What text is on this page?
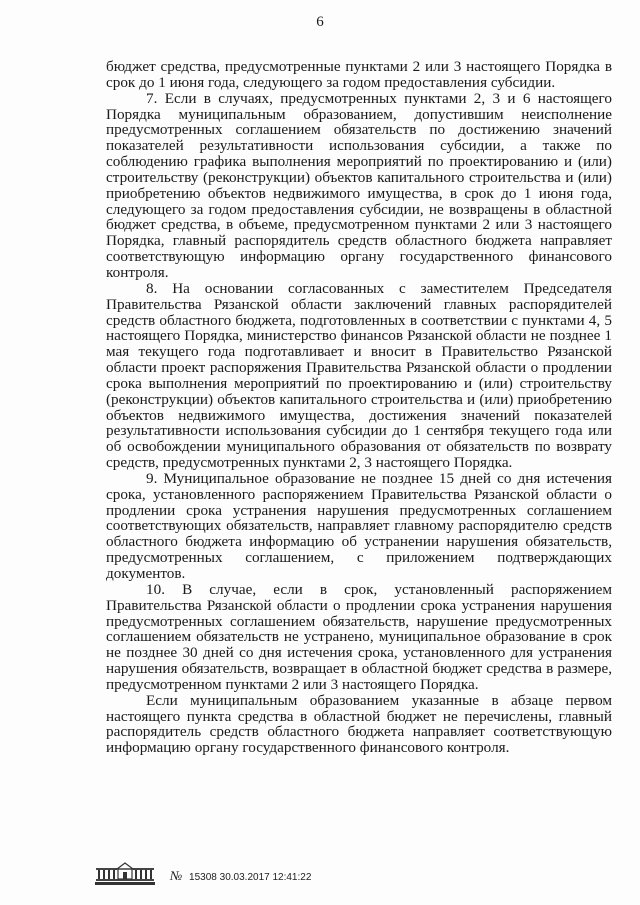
6

бюджет средства, предусмотренные пунктами 2 или 3 настоящего Порядка в срок до 1 июня года, следующего за годом предоставления субсидии.

7. Если в случаях, предусмотренных пунктами 2, 3 и 6 настоящего Порядка муниципальным образованием, допустившим неисполнение предусмотренных соглашением обязательств по достижению значений показателей результативности использования субсидии, а также по соблюдению графика выполнения мероприятий по проектированию и (или) строительству (реконструкции) объектов капитального строительства и (или) приобретению объектов недвижимого имущества, в срок до 1 июня года, следующего за годом предоставления субсидии, не возвращены в областной бюджет средства, в объеме, предусмотренном пунктами 2 или 3 настоящего Порядка, главный распорядитель средств областного бюджета направляет соответствующую информацию органу государственного финансового контроля.

8. На основании согласованных с заместителем Председателя Правительства Рязанской области заключений главных распорядителей средств областного бюджета, подготовленных в соответствии с пунктами 4, 5 настоящего Порядка, министерство финансов Рязанской области не позднее 1 мая текущего года подготавливает и вносит в Правительство Рязанской области проект распоряжения Правительства Рязанской области о продлении срока выполнения мероприятий по проектированию и (или) строительству (реконструкции) объектов капитального строительства и (или) приобретению объектов недвижимого имущества, достижения значений показателей результативности использования субсидии до 1 сентября текущего года или об освобождении муниципального образования от обязательств по возврату средств, предусмотренных пунктами 2, 3 настоящего Порядка.

9. Муниципальное образование не позднее 15 дней со дня истечения срока, установленного распоряжением Правительства Рязанской области о продлении срока устранения нарушения предусмотренных соглашением соответствующих обязательств, направляет главному распорядителю средств областного бюджета информацию об устранении нарушения обязательств, предусмотренных соглашением, с приложением подтверждающих документов.

10. В случае, если в срок, установленный распоряжением Правительства Рязанской области о продлении срока устранения нарушения предусмотренных соглашением обязательств, нарушение предусмотренных соглашением обязательств не устранено, муниципальное образование в срок не позднее 30 дней со дня истечения срока, установленного для устранения нарушения обязательств, возвращает в областной бюджет средства в размере, предусмотренном пунктами 2 или 3 настоящего Порядка.

Если муниципальным образованием указанные в абзаце первом настоящего пункта средства в областной бюджет не перечислены, главный распорядитель средств областного бюджета направляет соответствующую информацию органу государственного финансового контроля.

№ 15308 30.03.2017 12:41:22
